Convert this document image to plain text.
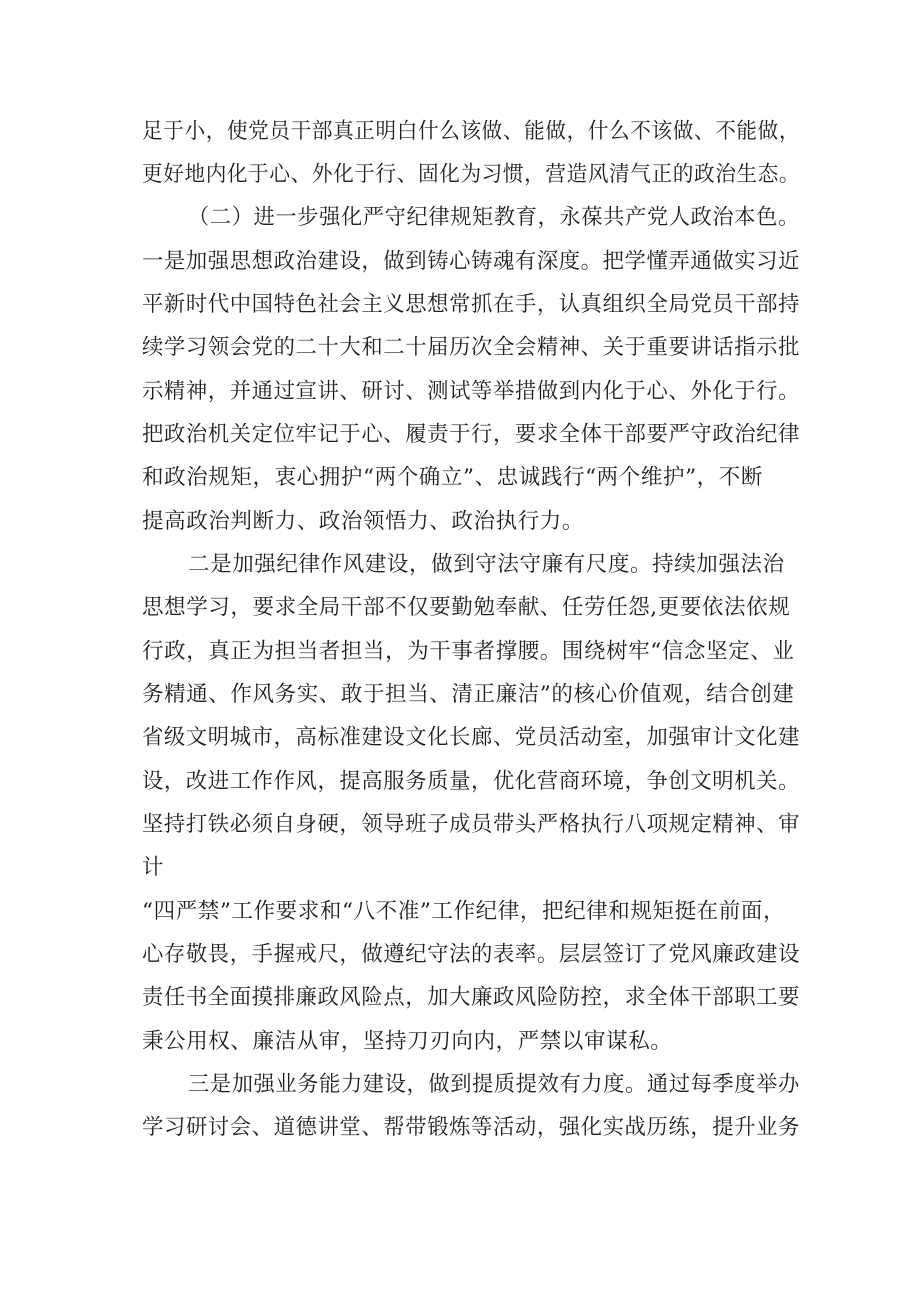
足于小，使党员干部真正明白什么该做、能做，什么不该做、不能做，
更好地内化于心、外化于行、固化为习惯，营造风清气正的政治生态。
（二）进一步强化严守纪律规矩教育，永葆共产党人政治本色。
一是加强思想政治建设，做到铸心铸魂有深度。把学懂弄通做实习近
平新时代中国特色社会主义思想常抓在手，认真组织全局党员干部持
续学习领会党的二十大和二十届历次全会精神、关于重要讲话指示批
示精神，并通过宣讲、研讨、测试等举措做到内化于心、外化于行。
把政治机关定位牢记于心、履责于行，要求全体干部要严守政治纪律
和政治规矩，衷心拥护“两个确立”、忠诚践行“两个维护”，不断
提高政治判断力、政治领悟力、政治执行力。
二是加强纪律作风建设，做到守法守廉有尺度。持续加强法治
思想学习，要求全局干部不仅要勤勉奉献、任劳任怨,更要依法依规
行政，真正为担当者担当，为干事者撑腰。围绕树牢“信念坚定、业
务精通、作风务实、敢于担当、清正廉洁”的核心价值观，结合创建
省级文明城市，高标准建设文化长廊、党员活动室，加强审计文化建
设，改进工作作风，提高服务质量，优化营商环境，争创文明机关。
坚持打铁必须自身硬，领导班子成员带头严格执行八项规定精神、审
计
“四严禁”工作要求和“八不准”工作纪律，把纪律和规矩挺在前面，
心存敬畏，手握戒尺，做遵纪守法的表率。层层签订了党风廉政建设
责任书全面摸排廉政风险点，加大廉政风险防控，求全体干部职工要
秉公用权、廉洁从审，坚持刀刃向内，严禁以审谋私。
三是加强业务能力建设，做到提质提效有力度。通过每季度举办
学习研讨会、道德讲堂、帮带锻炼等活动，强化实战历练，提升业务
